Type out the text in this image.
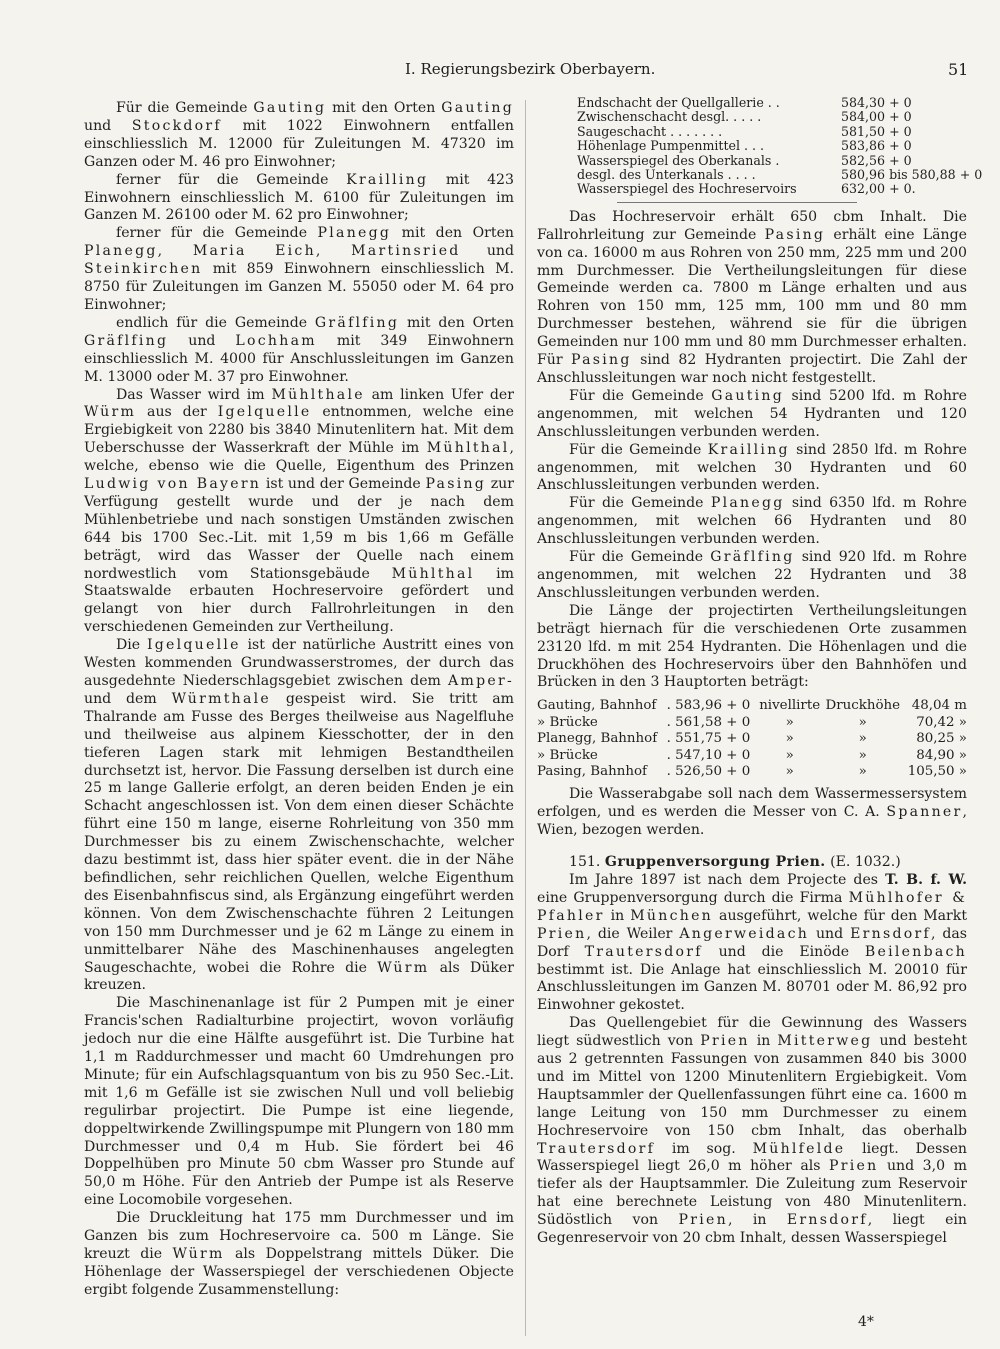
I. Regierungsbezirk Oberbayern.	51

Für die Gemeinde Gauting mit den Orten Gauting und Stockdorf mit 1022 Einwohnern entfallen einschliesslich M. 12000 für Zuleitungen M. 47320 im Ganzen oder M. 46 pro Einwohner;

ferner für die Gemeinde Krailling mit 423 Einwohnern einschliesslich M. 6100 für Zuleitungen im Ganzen M. 26100 oder M. 62 pro Einwohner;

ferner für die Gemeinde Planegg mit den Orten Planegg, Maria Eich, Martinsried und Steinkirchen mit 859 Einwohnern einschliesslich M. 8750 für Zuleitungen im Ganzen M. 55050 oder M. 64 pro Einwohner;

endlich für die Gemeinde Gräflfing mit den Orten Gräflfing und Lochham mit 349 Einwohnern einschliesslich M. 4000 für Anschlussleitungen im Ganzen M. 13000 oder M. 37 pro Einwohner.

Das Wasser wird im Mühlthale am linken Ufer der Würm aus der Igelquelle entnommen, welche eine Ergiebigkeit von 2280 bis 3840 Minutenlitern hat. Mit dem Ueberschusse der Wasserkraft der Mühle im Mühlthal, welche, ebenso wie die Quelle, Eigenthum des Prinzen Ludwig von Bayern ist und der Gemeinde Pasing zur Verfügung gestellt wurde und der je nach dem Mühlenbetriebe und nach sonstigen Umständen zwischen 644 bis 1700 Sec.-Lit. mit 1,59 m bis 1,66 m Gefälle beträgt, wird das Wasser der Quelle nach einem nordwestlich vom Stationsgebäude Mühlthal im Staatswalde erbauten Hochreservoire gefördert und gelangt von hier durch Fallrohrleitungen in den verschiedenen Gemeinden zur Vertheilung.

Die Igelquelle ist der natürliche Austritt eines von Westen kommenden Grundwasserstromes, der durch das ausgedehnte Niederschlagsgebiet zwischen dem Amper- und dem Würmthale gespeist wird. Sie tritt am Thalrande am Fusse des Berges theilweise aus Nagelfluhe und theilweise aus alpinem Kiesschotter, der in den tieferen Lagen stark mit lehmigen Bestandtheilen durchsetzt ist, hervor. Die Fassung derselben ist durch eine 25 m lange Gallerie erfolgt, an deren beiden Enden je ein Schacht angeschlossen ist. Von dem einen dieser Schächte führt eine 150 m lange, eiserne Rohrleitung von 350 mm Durchmesser bis zu einem Zwischenschachte, welcher dazu bestimmt ist, dass hier später event. die in der Nähe befindlichen, sehr reichlichen Quellen, welche Eigenthum des Eisenbahnfiscus sind, als Ergänzung eingeführt werden können. Von dem Zwischenschachte führen 2 Leitungen von 150 mm Durchmesser und je 62 m Länge zu einem in unmittelbarer Nähe des Maschinenhauses angelegten Saugeschachte, wobei die Rohre die Würm als Düker kreuzen.

Die Maschinenanlage ist für 2 Pumpen mit je einer Francis'schen Radialturbine projectirt, wovon vorläufig jedoch nur die eine Hälfte ausgeführt ist. Die Turbine hat 1,1 m Raddurchmesser und macht 60 Umdrehungen pro Minute; für ein Aufschlagsquantum von bis zu 950 Sec.-Lit. mit 1,6 m Gefälle ist sie zwischen Null und voll beliebig regulirbar projectirt. Die Pumpe ist eine liegende, doppeltwirkende Zwillingspumpe mit Plungern von 180 mm Durchmesser und 0,4 m Hub. Sie fördert bei 46 Doppelhüben pro Minute 50 cbm Wasser pro Stunde auf 50,0 m Höhe. Für den Antrieb der Pumpe ist als Reserve eine Locomobile vorgesehen.

Die Druckleitung hat 175 mm Durchmesser und im Ganzen bis zum Hochreservoire ca. 500 m Länge. Sie kreuzt die Würm als Doppelstrang mittels Düker. Die Höhenlage der Wasserspiegel der verschiedenen Objecte ergibt folgende Zusammenstellung:

Endschacht der Quellgallerie . .	584,30 + 0
Zwischenschacht desgl. . . . .	584,00 + 0
Saugeschacht . . . . . . .	581,50 + 0
Höhenlage Pumpenmittel . . .	583,86 + 0
Wasserspiegel des Oberkanals .	582,56 + 0
desgl. des Unterkanals . . . .	580,96 bis 580,88 + 0
Wasserspiegel des Hochreservoirs	632,00 + 0.

Das Hochreservoir erhält 650 cbm Inhalt. Die Fallrohrleitung zur Gemeinde Pasing erhält eine Länge von ca. 16000 m aus Rohren von 250 mm, 225 mm und 200 mm Durchmesser. Die Vertheilungsleitungen für diese Gemeinde werden ca. 7800 m Länge erhalten und aus Rohren von 150 mm, 125 mm, 100 mm und 80 mm Durchmesser bestehen, während sie für die übrigen Gemeinden nur 100 mm und 80 mm Durchmesser erhalten. Für Pasing sind 82 Hydranten projectirt. Die Zahl der Anschlussleitungen war noch nicht festgestellt.

Für die Gemeinde Gauting sind 5200 lfd. m Rohre angenommen, mit welchen 54 Hydranten und 120 Anschlussleitungen verbunden werden.

Für die Gemeinde Krailling sind 2850 lfd. m Rohre angenommen, mit welchen 30 Hydranten und 60 Anschlussleitungen verbunden werden.

Für die Gemeinde Planegg sind 6350 lfd. m Rohre angenommen, mit welchen 66 Hydranten und 80 Anschlussleitungen verbunden werden.

Für die Gemeinde Gräflfing sind 920 lfd. m Rohre angenommen, mit welchen 22 Hydranten und 38 Anschlussleitungen verbunden werden.

Die Länge der projectirten Vertheilungsleitungen beträgt hiernach für die verschiedenen Orte zusammen 23120 lfd. m mit 254 Hydranten. Die Höhenlagen und die Druckhöhen des Hochreservoirs über den Bahnhöfen und Brücken in den 3 Hauptorten beträgt:

Gauting, Bahnhof	. 583,96 + 0	nivellirte	Druckhöhe	48,04 m
» Brücke	. 561,58 + 0	»	»	70,42 »
Planegg, Bahnhof	. 551,75 + 0	»	»	80,25 »
» Brücke	. 547,10 + 0	»	»	84,90 »
Pasing, Bahnhof	. 526,50 + 0	»	»	105,50 »

Die Wasserabgabe soll nach dem Wassermessersystem erfolgen, und es werden die Messer von C. A. Spanner, Wien, bezogen werden.

151. Gruppenversorgung Prien. (E. 1032.)

Im Jahre 1897 ist nach dem Projecte des T. B. f. W. eine Gruppenversorgung durch die Firma Mühlhofer & Pfahler in München ausgeführt, welche für den Markt Prien, die Weiler Angerweidach und Ernsdorf, das Dorf Trautersdorf und die Einöde Beilenbach bestimmt ist. Die Anlage hat einschliesslich M. 20010 für Anschlussleitungen im Ganzen M. 80701 oder M. 86,92 pro Einwohner gekostet.

Das Quellengebiet für die Gewinnung des Wassers liegt südwestlich von Prien in Mitterweg und besteht aus 2 getrennten Fassungen von zusammen 840 bis 3000 und im Mittel von 1200 Minutenlitern Ergiebigkeit. Vom Hauptsammler der Quellenfassungen führt eine ca. 1600 m lange Leitung von 150 mm Durchmesser zu einem Hochreservoire von 150 cbm Inhalt, das oberhalb Trautersdorf im sog. Mühlfelde liegt. Dessen Wasserspiegel liegt 26,0 m höher als Prien und 3,0 m tiefer als der Hauptsammler. Die Zuleitung zum Reservoir hat eine berechnete Leistung von 480 Minutenlitern. Südöstlich von Prien, in Ernsdorf, liegt ein Gegenreservoir von 20 cbm Inhalt, dessen Wasserspiegel

4*
